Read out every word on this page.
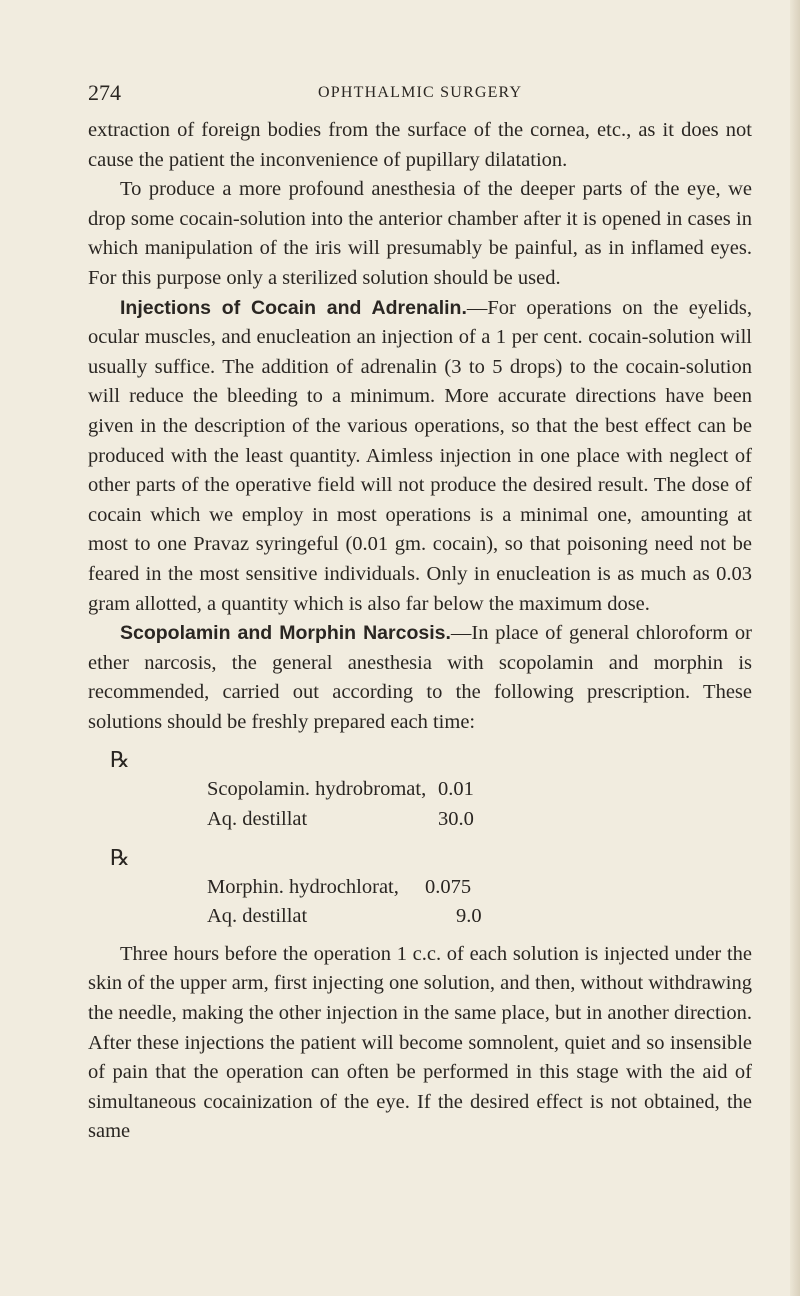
274	OPHTHALMIC SURGERY

extraction of foreign bodies from the surface of the cornea, etc., as it does not cause the patient the inconvenience of pupillary dilatation.

To produce a more profound anesthesia of the deeper parts of the eye, we drop some cocain-solution into the anterior chamber after it is opened in cases in which manipulation of the iris will presumably be painful, as in inflamed eyes. For this purpose only a sterilized solution should be used.

Injections of Cocain and Adrenalin.—For operations on the eyelids, ocular muscles, and enucleation an injection of a 1 per cent. cocain-solution will usually suffice. The addition of adrenalin (3 to 5 drops) to the cocain-solution will reduce the bleeding to a minimum. More accurate directions have been given in the description of the various operations, so that the best effect can be produced with the least quantity. Aimless injection in one place with neglect of other parts of the operative field will not produce the desired result. The dose of cocain which we employ in most operations is a minimal one, amounting at most to one Pravaz syringeful (0.01 gm. cocain), so that poisoning need not be feared in the most sensitive individuals. Only in enucleation is as much as 0.03 gram allotted, a quantity which is also far below the maximum dose.

Scopolamin and Morphin Narcosis.—In place of general chloroform or ether narcosis, the general anesthesia with scopolamin and morphin is recommended, carried out according to the following prescription. These solutions should be freshly prepared each time:

℞
Scopolamin. hydrobromat, 0.01
Aq. destillat	30.0
℞
Morphin. hydrochlorat, 0.075
Aq. destillat	9.0

Three hours before the operation 1 c.c. of each solution is injected under the skin of the upper arm, first injecting one solution, and then, without withdrawing the needle, making the other injection in the same place, but in another direction. After these injections the patient will become somnolent, quiet and so insensible of pain that the operation can often be performed in this stage with the aid of simultaneous cocainization of the eye. If the desired effect is not obtained, the same
